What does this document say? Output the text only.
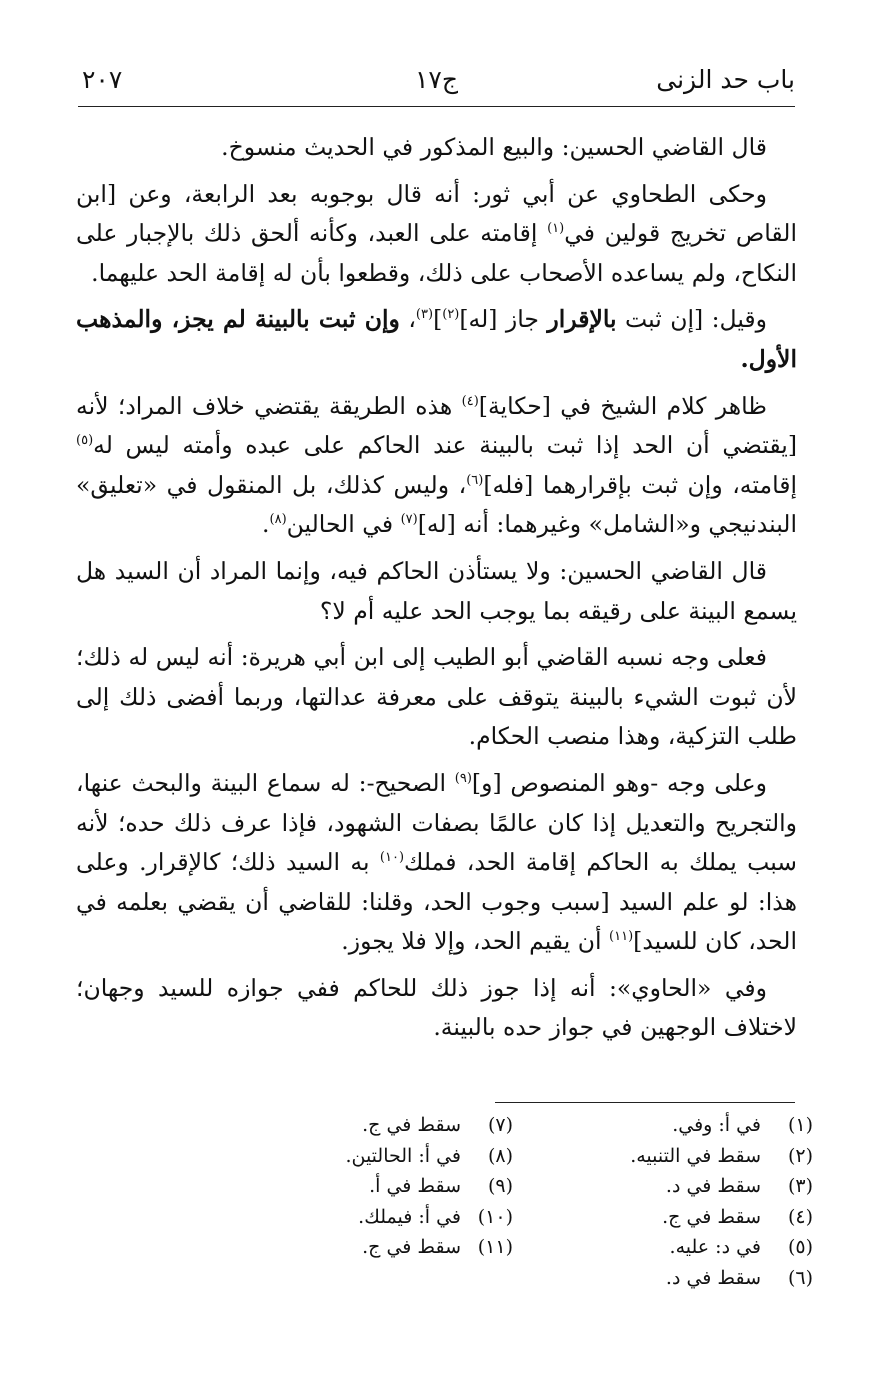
باب حد الزنى
ج١٧
٢٠٧

قال القاضي الحسين: والبيع المذكور في الحديث منسوخ.

وحكى الطحاوي عن أبي ثور: أنه قال بوجوبه بعد الرابعة، وعن [ابن القاص تخريج قولين في$^{(١)}$ إقامته على العبد، وكأنه ألحق ذلك بالإجبار على النكاح، ولم يساعده الأصحاب على ذلك، وقطعوا بأن له إقامة الحد عليهما.

وقيل: [إن ثبت بالإقرار جاز [له]$^{(٢)}$]$^{(٣)}$، وإن ثبت بالبينة لم يجز، والمذهب الأول.

ظاهر كلام الشيخ في [حكاية]$^{(٤)}$ هذه الطريقة يقتضي خلاف المراد؛ لأنه [يقتضي أن الحد إذا ثبت بالبينة عند الحاكم على عبده وأمته ليس له$^{(٥)}$ إقامته، وإن ثبت بإقرارهما [فله]$^{(٦)}$، وليس كذلك، بل المنقول في «تعليق» البندنيجي و«الشامل» وغيرهما: أنه [له]$^{(٧)}$ في الحالين$^{(٨)}$.

قال القاضي الحسين: ولا يستأذن الحاكم فيه، وإنما المراد أن السيد هل يسمع البينة على رقيقه بما يوجب الحد عليه أم لا؟

فعلى وجه نسبه القاضي أبو الطيب إلى ابن أبي هريرة: أنه ليس له ذلك؛ لأن ثبوت الشيء بالبينة يتوقف على معرفة عدالتها، وربما أفضى ذلك إلى طلب التزكية، وهذا منصب الحكام.

وعلى وجه -وهو المنصوص [و]$^{(٩)}$ الصحيح-: له سماع البينة والبحث عنها، والتجريح والتعديل إذا كان عالمًا بصفات الشهود، فإذا عرف ذلك حده؛ لأنه سبب يملك به الحاكم إقامة الحد، فملك$^{(١٠)}$ به السيد ذلك؛ كالإقرار. وعلى هذا: لو علم السيد [سبب وجوب الحد، وقلنا: للقاضي أن يقضي بعلمه في الحد، كان للسيد]$^{(١١)}$ أن يقيم الحد، وإلا فلا يجوز.

وفي «الحاوي»: أنه إذا جوز ذلك للحاكم ففي جوازه للسيد وجهان؛ لاختلاف الوجهين في جواز حده بالبينة.

(١)في أ: وفي.
(٢)سقط في التنبيه.
(٣)سقط في د.
(٤)سقط في ج.
(٥)في د: عليه.
(٦)سقط في د.
(٧)سقط في ج.
(٨)في أ: الحالتين.
(٩)سقط في أ.
(١٠)في أ: فيملك.
(١١)سقط في ج.
